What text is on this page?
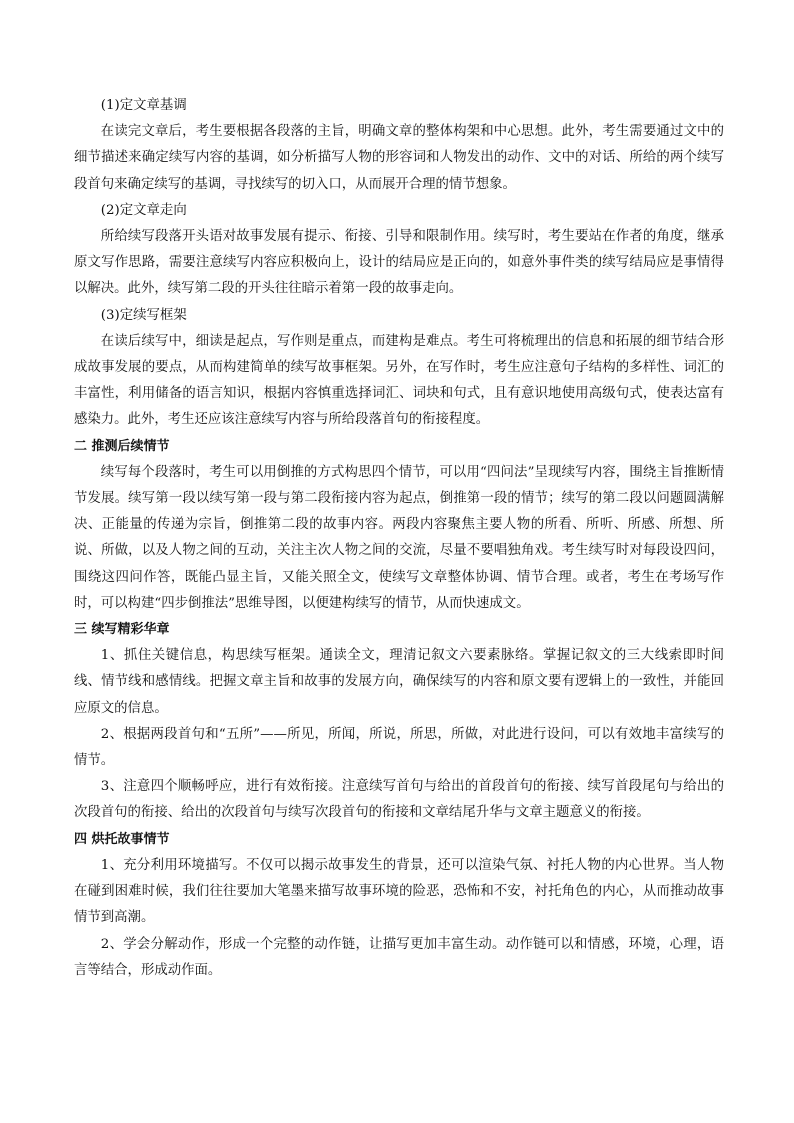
(1)定文章基调

在读完文章后，考生要根据各段落的主旨，明确文章的整体构架和中心思想。此外，考生需要通过文中的细节描述来确定续写内容的基调，如分析描写人物的形容词和人物发出的动作、文中的对话、所给的两个续写段首句来确定续写的基调，寻找续写的切入口，从而展开合理的情节想象。

(2)定文章走向

所给续写段落开头语对故事发展有提示、衔接、引导和限制作用。续写时，考生要站在作者的角度，继承原文写作思路，需要注意续写内容应积极向上，设计的结局应是正向的，如意外事件类的续写结局应是事情得以解决。此外，续写第二段的开头往往暗示着第一段的故事走向。

(3)定续写框架

在读后续写中，细读是起点，写作则是重点，而建构是难点。考生可将梳理出的信息和拓展的细节结合形成故事发展的要点，从而构建简单的续写故事框架。另外，在写作时，考生应注意句子结构的多样性、词汇的丰富性，利用储备的语言知识，根据内容慎重选择词汇、词块和句式，且有意识地使用高级句式，使表达富有感染力。此外，考生还应该注意续写内容与所给段落首句的衔接程度。

二 推测后续情节

续写每个段落时，考生可以用倒推的方式构思四个情节，可以用“四问法”呈现续写内容，围绕主旨推断情节发展。续写第一段以续写第一段与第二段衔接内容为起点，倒推第一段的情节；续写的第二段以问题圆满解决、正能量的传递为宗旨，倒推第二段的故事内容。两段内容聚焦主要人物的所看、所听、所感、所想、所说、所做，以及人物之间的互动，关注主次人物之间的交流，尽量不要唱独角戏。考生续写时对每段设四问，围绕这四问作答，既能凸显主旨，又能关照全文，使续写文章整体协调、情节合理。或者，考生在考场写作时，可以构建“四步倒推法”思维导图，以便建构续写的情节，从而快速成文。

三 续写精彩华章

1、抓住关键信息，构思续写框架。通读全文，理清记叙文六要素脉络。掌握记叙文的三大线索即时间线、情节线和感情线。把握文章主旨和故事的发展方向，确保续写的内容和原文要有逻辑上的一致性，并能回应原文的信息。

2、根据两段首句和“五所”——所见，所闻，所说，所思，所做，对此进行设问，可以有效地丰富续写的情节。

3、注意四个顺畅呼应，进行有效衔接。注意续写首句与给出的首段首句的衔接、续写首段尾句与给出的次段首句的衔接、给出的次段首句与续写次段首句的衔接和文章结尾升华与文章主题意义的衔接。

四 烘托故事情节

1、充分利用环境描写。不仅可以揭示故事发生的背景，还可以渲染气氛、衬托人物的内心世界。当人物在碰到困难时候，我们往往要加大笔墨来描写故事环境的险恶，恐怖和不安，衬托角色的内心，从而推动故事情节到高潮。

2、学会分解动作，形成一个完整的动作链，让描写更加丰富生动。动作链可以和情感，环境，心理，语言等结合，形成动作面。
